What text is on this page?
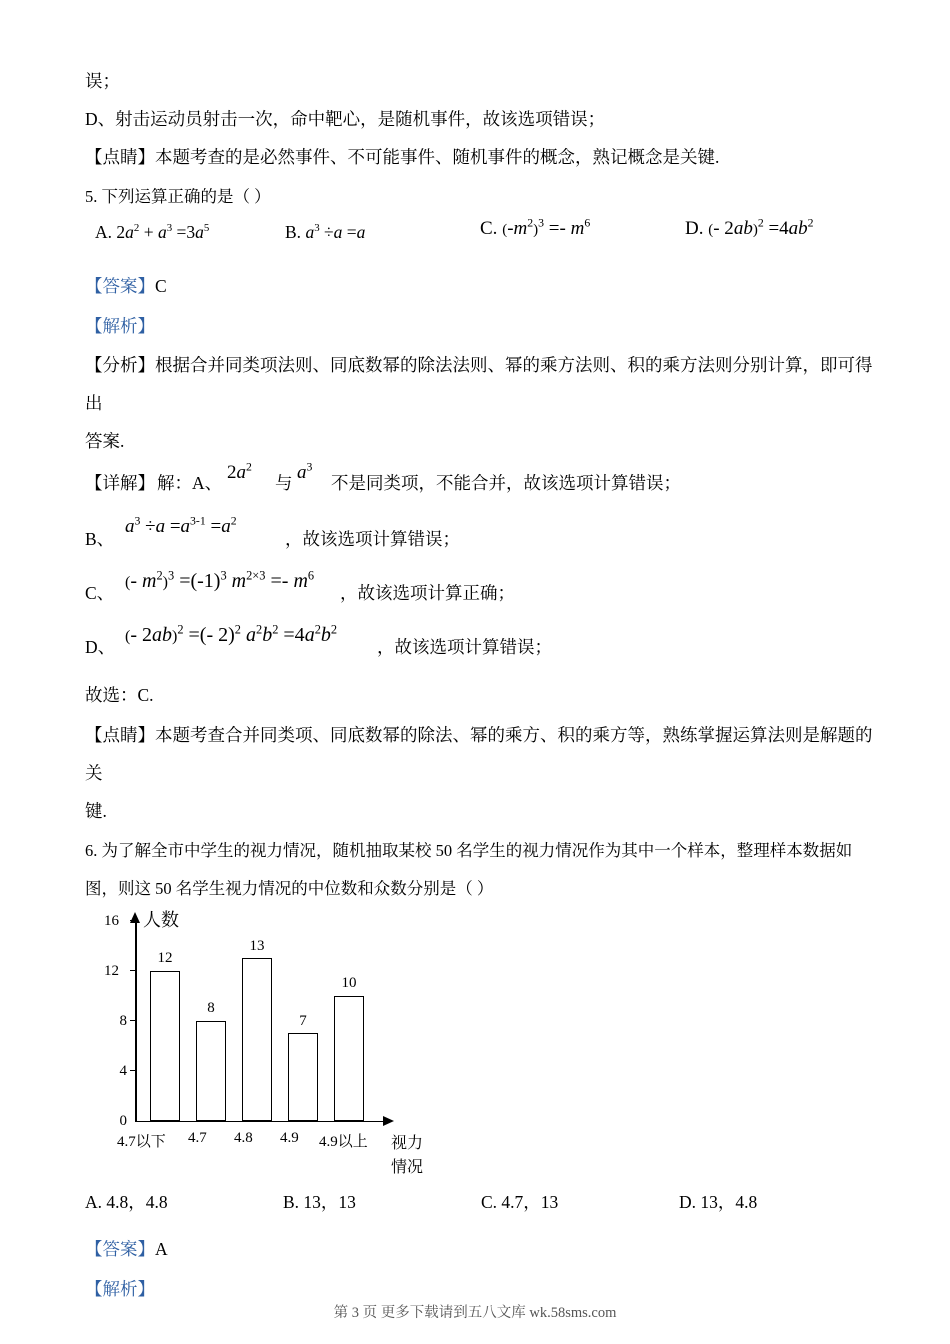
误；

D、射击运动员射击一次，命中靶心，是随机事件，故该选项错误；

【点睛】本题考查的是必然事件、不可能事件、随机事件的概念，熟记概念是关键.

5. 下列运算正确的是（ ）

A. $2a^2 + a^3 =3a^5$	B. $a^3 \div a =a$	C. $(-m^2)^3 =- m^6$	D. (- $2ab)^2 =4ab^2$

【答案】C

【解析】

【分析】根据合并同类项法则、同底数幂的除法法则、幂的乘方法则、积的乘方法则分别计算，即可得出

答案.

【详解】 解：A、 $2a^2$
与 $a^3$
不是同类项，不能合并，故该选项计算错误；
B、
$a^3 \div a =a^{3-1} =a^2$
，故该选项计算错误；
C、
(- $m^2)^3 =(-1)^3$ $m^{2\times 3} =- m^6$
，故该选项计算正确；
D、
(- 2ab)$^2$ =(- 2)$^2$ $a^2b^2 =4a^2b^2$
，故该选项计算错误；

故选：C.

【点睛】本题考查合并同类项、同底数幂的除法、幂的乘方、积的乘方等，熟练掌握运算法则是解题的关

键.

6. 为了解全市中学生的视力情况，随机抽取某校 50 名学生的视力情况作为其中一个样本，整理样本数据如

图，则这 50 名学生视力情况的中位数和众数分别是（ ）

0
4
8
12
16 人数
视力
情况
12
8
13
7
10
4.7以下 4.7 4.8 4.9 4.9以上
A. 4.8，4.8	B. 13，13	C. 4.7，13	D. 13，4.8

【答案】A

【解析】

第 3 页 更多下载请到五八文库 wk.58sms.com
